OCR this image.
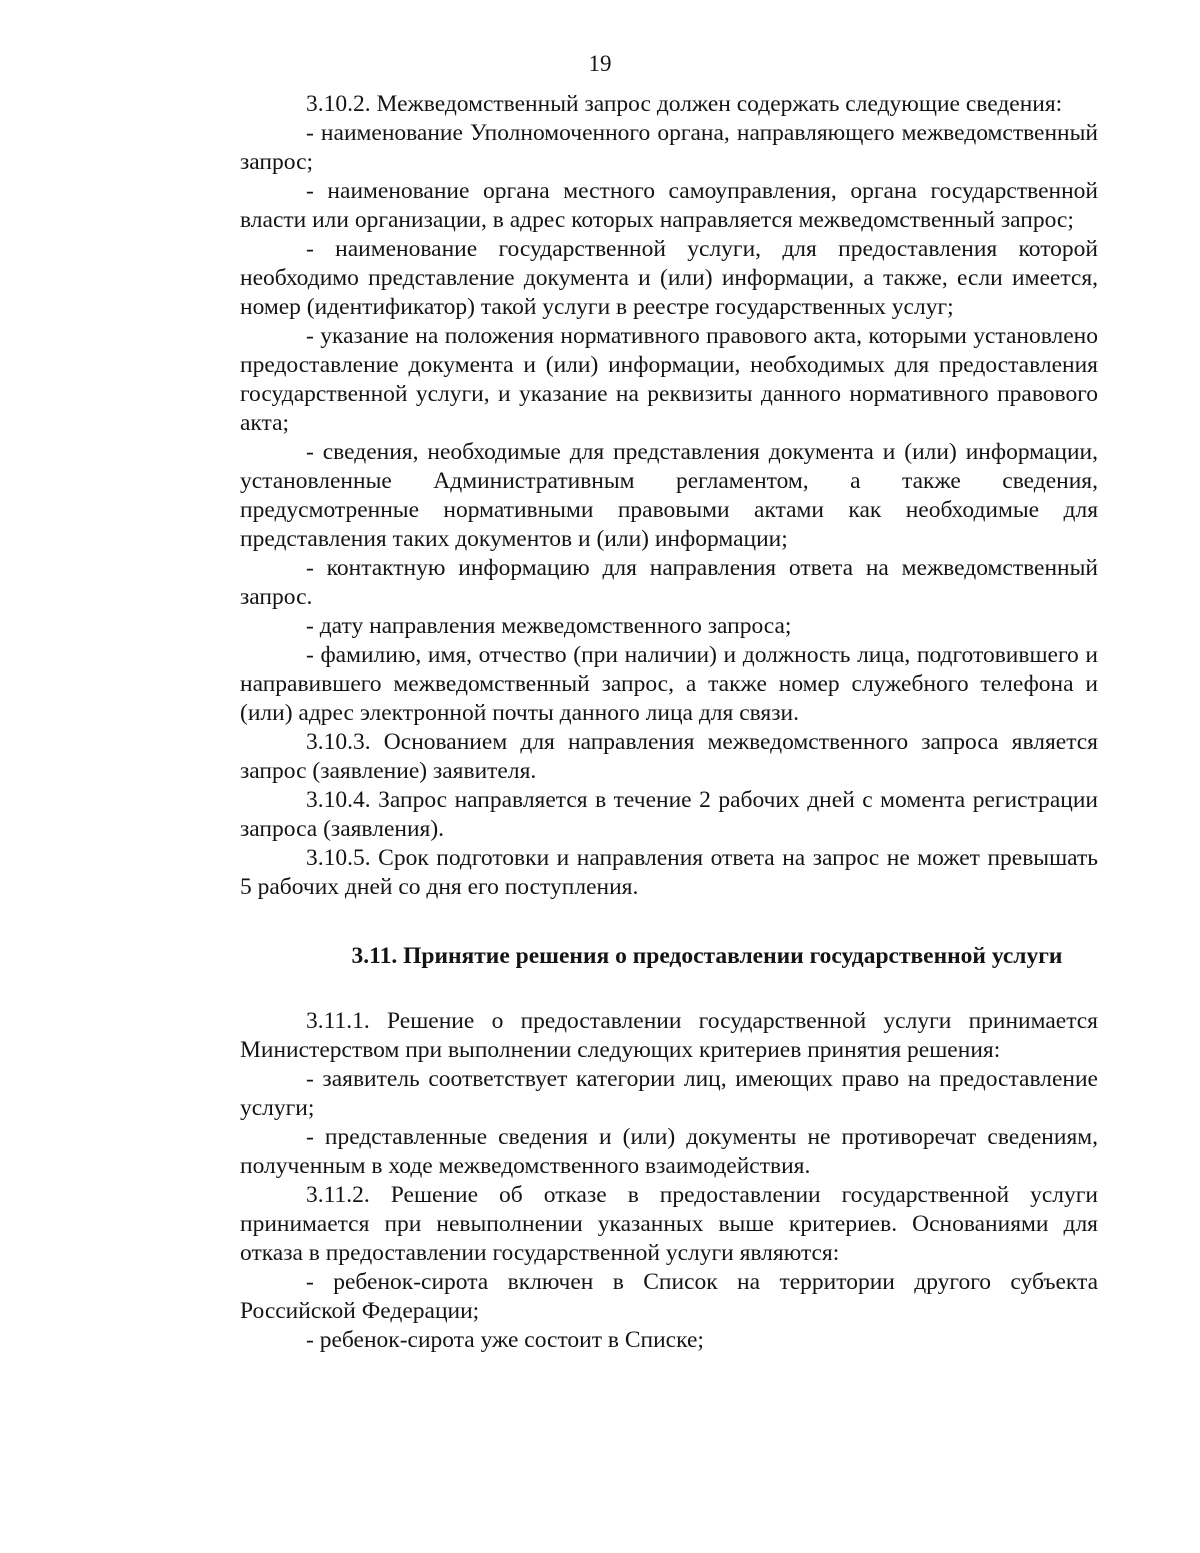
19

3.10.2. Межведомственный запрос должен содержать следующие сведения:

- наименование Уполномоченного органа, направляющего межведомственный запрос;

- наименование органа местного самоуправления, органа государственной власти или организации, в адрес которых направляется межведомственный запрос;

- наименование государственной услуги, для предоставления которой необходимо представление документа и (или) информации, а также, если имеется, номер (идентификатор) такой услуги в реестре государственных услуг;

- указание на положения нормативного правового акта, которыми установлено предоставление документа и (или) информации, необходимых для предоставления государственной услуги, и указание на реквизиты данного нормативного правового акта;

- сведения, необходимые для представления документа и (или) информации, установленные Административным регламентом, а также сведения, предусмотренные нормативными правовыми актами как необходимые для представления таких документов и (или) информации;

- контактную информацию для направления ответа на межведомственный запрос.

- дату направления межведомственного запроса;

- фамилию, имя, отчество (при наличии) и должность лица, подготовившего и направившего межведомственный запрос, а также номер служебного телефона и (или) адрес электронной почты данного лица для связи.

3.10.3. Основанием для направления межведомственного запроса является запрос (заявление) заявителя.

3.10.4. Запрос направляется в течение 2 рабочих дней с момента регистрации запроса (заявления).

3.10.5. Срок подготовки и направления ответа на запрос не может превышать 5 рабочих дней со дня его поступления.

3.11. Принятие решения о предоставлении государственной услуги

3.11.1. Решение о предоставлении государственной услуги принимается Министерством при выполнении следующих критериев принятия решения:

- заявитель соответствует категории лиц, имеющих право на предоставление услуги;

- представленные сведения и (или) документы не противоречат сведениям, полученным в ходе межведомственного взаимодействия.

3.11.2. Решение об отказе в предоставлении государственной услуги принимается при невыполнении указанных выше критериев. Основаниями для отказа в предоставлении государственной услуги являются:

- ребенок-сирота включен в Список на территории другого субъекта Российской Федерации;

- ребенок-сирота уже состоит в Списке;
